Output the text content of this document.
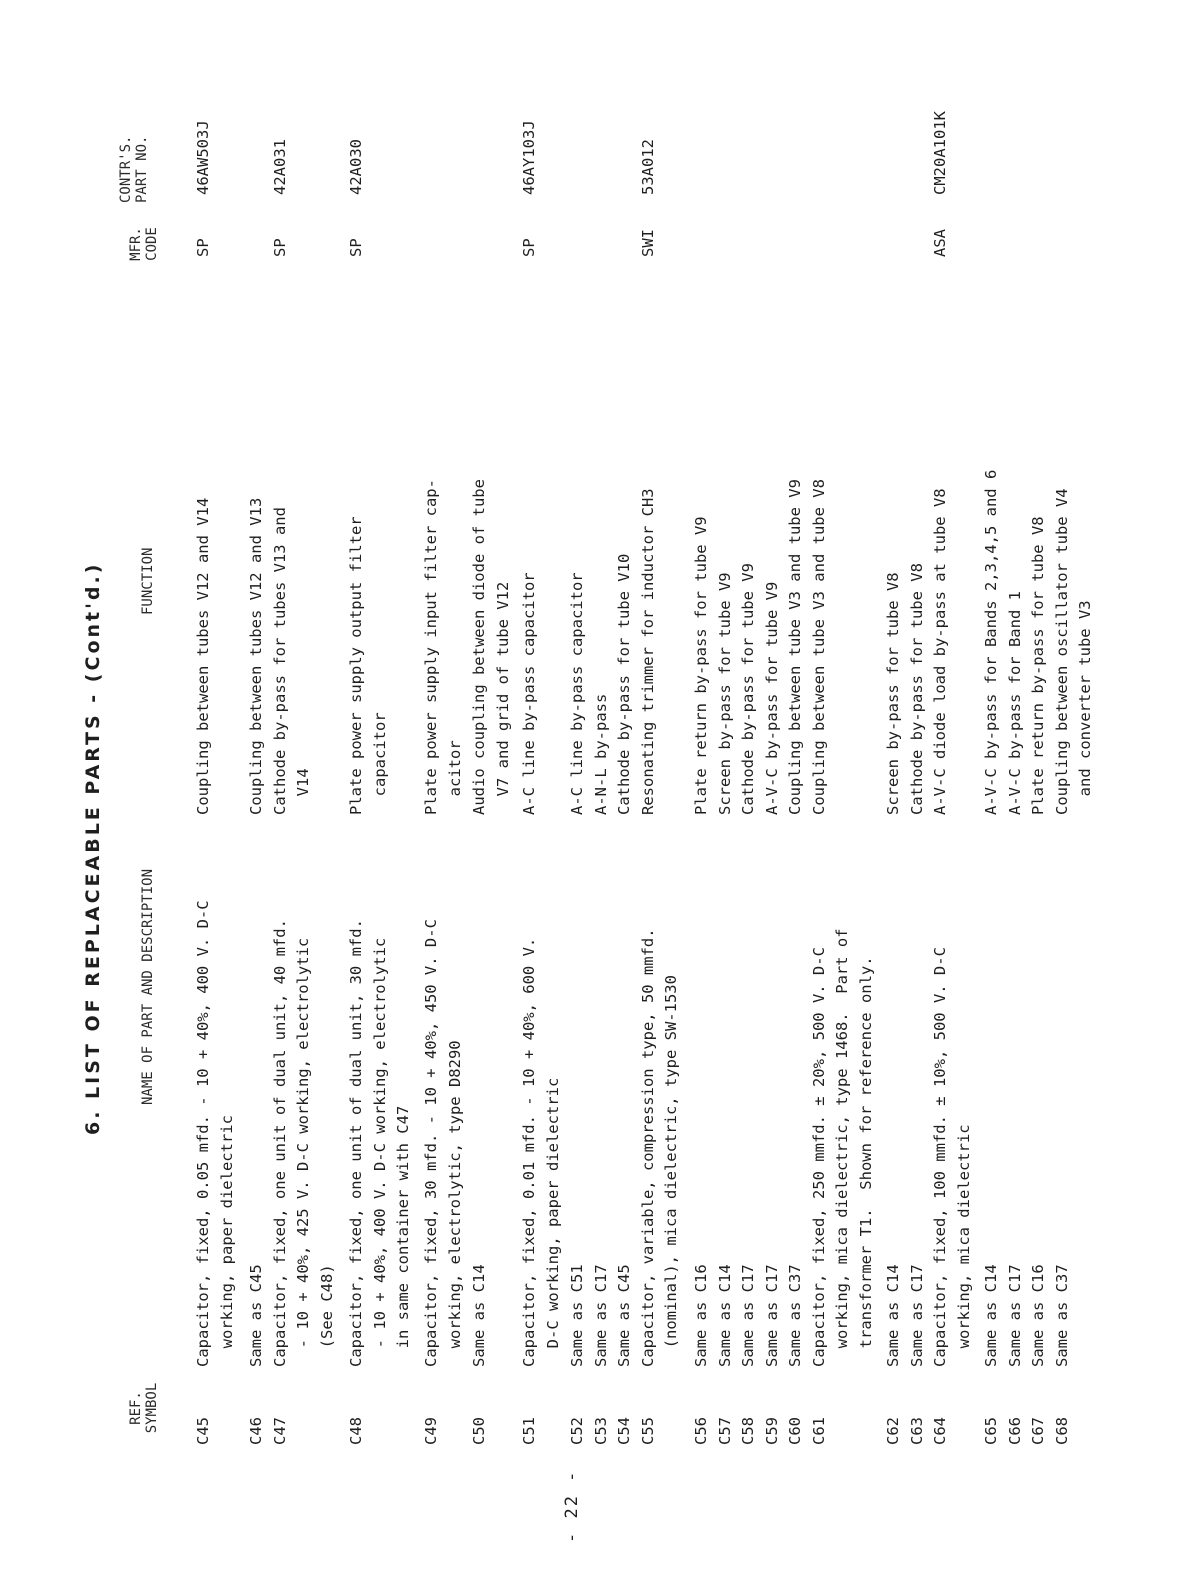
6. LIST OF REPLACEABLE PARTS - (Cont'd.)
REF. SYMBOL
NAME OF PART AND DESCRIPTION
FUNCTION
MFR. CODE
CONTR'S. PART NO.
C45
Capacitor, fixed, 0.05 mfd. - 10 + 40%, 400 V. D-C
working, paper dielectric
Coupling between tubes V12 and V14
SP
46AW503J
C46
C47
Same as C45
Capacitor, fixed, one unit of dual unit, 40 mfd.
- 10 + 40%, 425 V. D-C working, electrolytic
(See C48)
Coupling between tubes V12 and V13
Cathode by-pass for tubes V13 and
V14

SP

42A031
C48
Capacitor, fixed, one unit of dual unit, 30 mfd.
- 10 + 40%, 400 V. D-C working, electrolytic
in same container with C47
Plate power supply output filter
capacitor
SP
42A030
C49
Capacitor, fixed, 30 mfd. - 10 + 40%, 450 V. D-C
working, electrolytic, type D8290
Plate power supply input filter cap-
acitor
C50
Same as C14
Audio coupling between diode of tube
V7 and grid of tube V12
C51
Capacitor, fixed, 0.01 mfd. - 10 + 40%, 600 V.
D-C working, paper dielectric
A-C line by-pass capacitor
SP
46AY103J
C52
C53
C54
C55
Same as C51
Same as C17
Same as C45
Capacitor, variable, compression type, 50 mmfd.
(nominal), mica dielectric, type SW-1530
A-C line by-pass capacitor
A-N-L by-pass
Cathode by-pass for tube V10
Resonating trimmer for inductor CH3

SWI

53A012
C56
C57
C58
C59
C60
C61
Same as C16
Same as C14
Same as C17
Same as C17
Same as C37
Capacitor, fixed, 250 mmfd. ± 20%, 500 V. D-C
working, mica dielectric, type 1468.  Part of
transformer T1.  Shown for reference only.
Plate return by-pass for tube V9
Screen by-pass for tube V9
Cathode by-pass for tube V9
A-V-C by-pass for tube V9
Coupling between tube V3 and tube V9
Coupling between tube V3 and tube V8
C62
C63
C64
Same as C14
Same as C17
Capacitor, fixed, 100 mmfd. ± 10%, 500 V. D-C
working, mica dielectric
Screen by-pass for tube V8
Cathode by-pass for tube V8
A-V-C diode load by-pass at tube V8

ASA

CM20A101K
C65
C66
C67
C68
Same as C14
Same as C17
Same as C16
Same as C37
A-V-C by-pass for Bands 2,3,4,5 and 6
A-V-C by-pass for Band 1
Plate return by-pass for tube V8
Coupling between oscillator tube V4
and converter tube V3
- 22 -
